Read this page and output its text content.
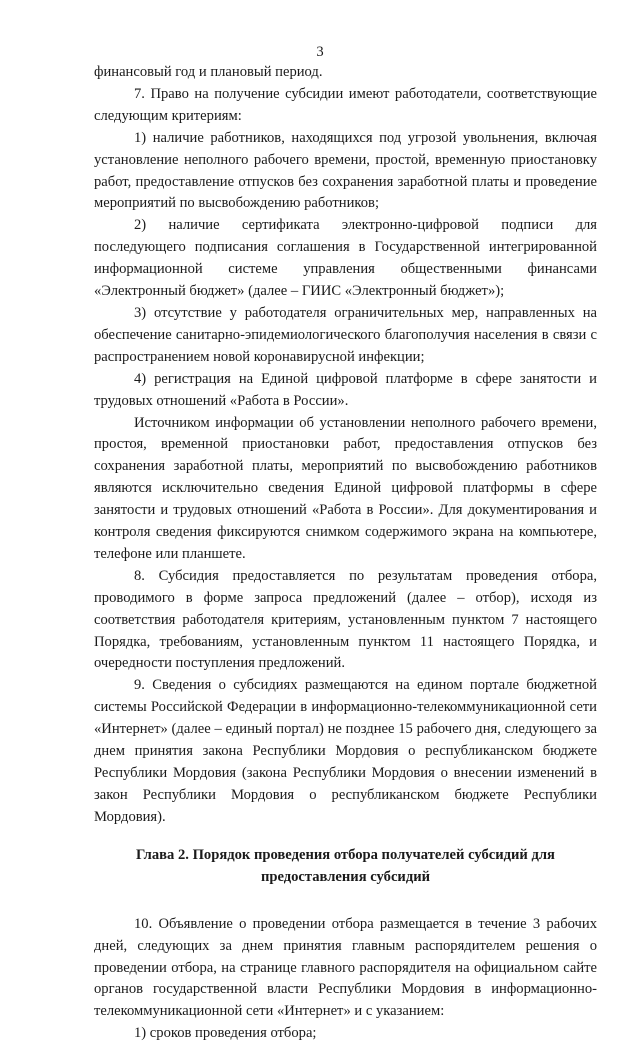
3

финансовый год и плановый период.

7. Право на получение субсидии имеют работодатели, соответствующие следующим критериям:

1) наличие работников, находящихся под угрозой увольнения, включая установление неполного рабочего времени, простой, временную приостановку работ, предоставление отпусков без сохранения заработной платы и проведение мероприятий по высвобождению работников;

2) наличие сертификата электронно-цифровой подписи для последующего подписания соглашения в Государственной интегрированной информационной системе управления общественными финансами «Электронный бюджет» (далее – ГИИС «Электронный бюджет»);

3) отсутствие у работодателя ограничительных мер, направленных на обеспечение санитарно-эпидемиологического благополучия населения в связи с распространением новой коронавирусной инфекции;

4) регистрация на Единой цифровой платформе в сфере занятости и трудовых отношений «Работа в России».

Источником информации об установлении неполного рабочего времени, простоя, временной приостановки работ, предоставления отпусков без сохранения заработной платы, мероприятий по высвобождению работников являются исключительно сведения Единой цифровой платформы в сфере занятости и трудовых отношений «Работа в России». Для документирования и контроля сведения фиксируются снимком содержимого экрана на компьютере, телефоне или планшете.

8. Субсидия предоставляется по результатам проведения отбора, проводимого в форме запроса предложений (далее – отбор), исходя из соответствия работодателя критериям, установленным пунктом 7 настоящего Порядка, требованиям, установленным пунктом 11 настоящего Порядка, и очередности поступления предложений.

9. Сведения о субсидиях размещаются на едином портале бюджетной системы Российской Федерации в информационно-телекоммуникационной сети «Интернет» (далее – единый портал) не позднее 15 рабочего дня, следующего за днем принятия закона Республики Мордовия о республиканском бюджете Республики Мордовия (закона Республики Мордовия о внесении изменений в закон Республики Мордовия о республиканском бюджете Республики Мордовия).

Глава 2. Порядок проведения отбора получателей субсидий для предоставления субсидий

10. Объявление о проведении отбора размещается в течение 3 рабочих дней, следующих за днем принятия главным распорядителем решения о проведении отбора, на странице главного распорядителя на официальном сайте органов государственной власти Республики Мордовия в информационно-телекоммуникационной сети «Интернет» и с указанием:

1) сроков проведения отбора;
